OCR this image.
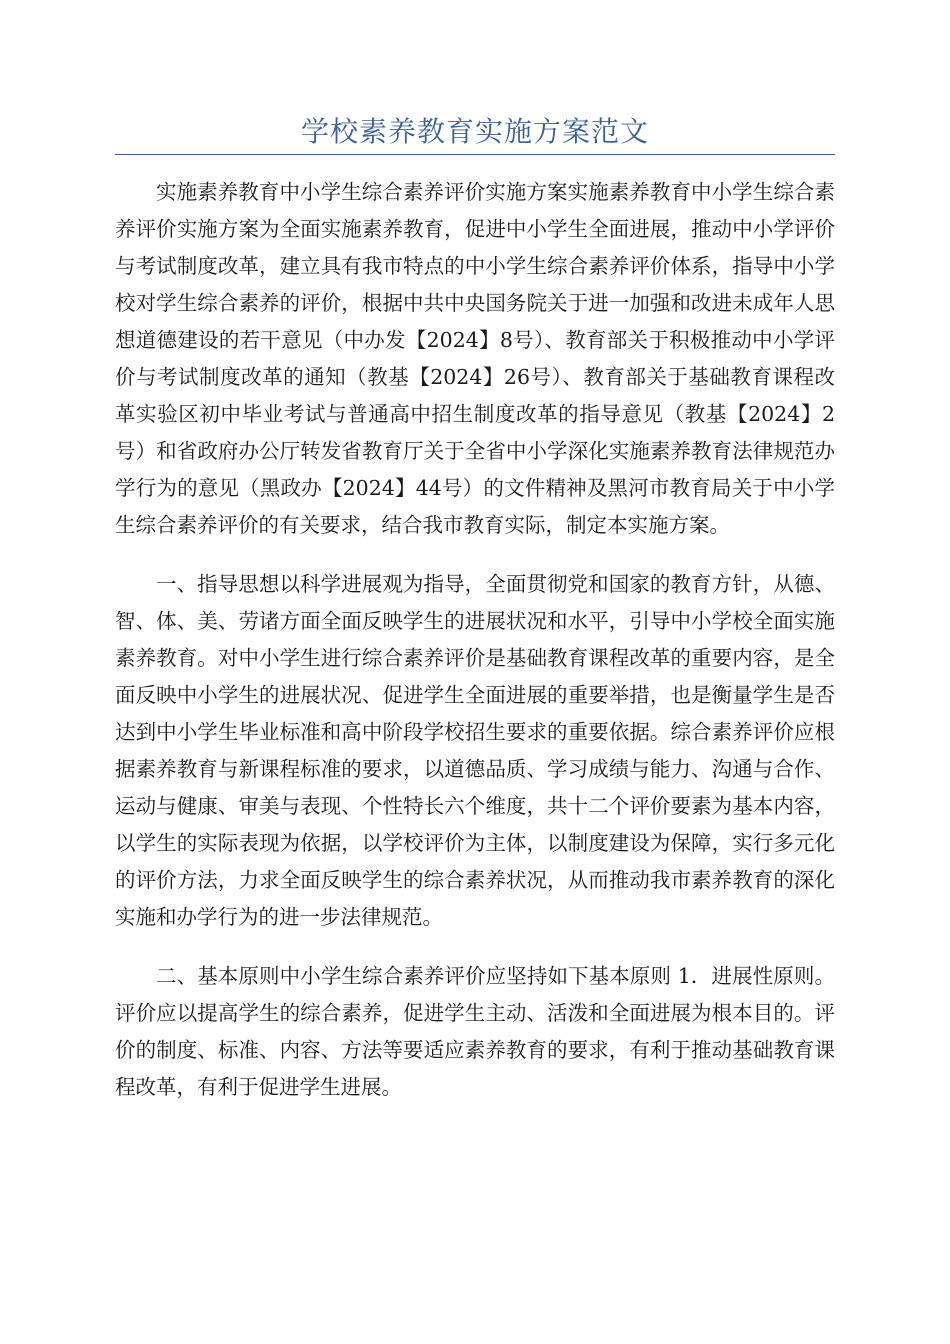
学校素养教育实施方案范文

实施素养教育中小学生综合素养评价实施方案实施素养教育中小学生综合素养评价实施方案为全面实施素养教育，促进中小学生全面进展，推动中小学评价与考试制度改革，建立具有我市特点的中小学生综合素养评价体系，指导中小学校对学生综合素养的评价，根据中共中央国务院关于进一加强和改进未成年人思想道德建设的若干意见（中办发【2024】8号）、教育部关于积极推动中小学评价与考试制度改革的通知（教基【2024】26号）、教育部关于基础教育课程改革实验区初中毕业考试与普通高中招生制度改革的指导意见（教基【2024】2号）和省政府办公厅转发省教育厅关于全省中小学深化实施素养教育法律规范办学行为的意见（黑政办【2024】44号）的文件精神及黑河市教育局关于中小学生综合素养评价的有关要求，结合我市教育实际，制定本实施方案。

一、指导思想以科学进展观为指导，全面贯彻党和国家的教育方针，从德、智、体、美、劳诸方面全面反映学生的进展状况和水平，引导中小学校全面实施素养教育。对中小学生进行综合素养评价是基础教育课程改革的重要内容，是全面反映中小学生的进展状况、促进学生全面进展的重要举措，也是衡量学生是否达到中小学生毕业标准和高中阶段学校招生要求的重要依据。综合素养评价应根据素养教育与新课程标准的要求，以道德品质、学习成绩与能力、沟通与合作、运动与健康、审美与表现、个性特长六个维度，共十二个评价要素为基本内容，以学生的实际表现为依据，以学校评价为主体，以制度建设为保障，实行多元化的评价方法，力求全面反映学生的综合素养状况，从而推动我市素养教育的深化实施和办学行为的进一步法律规范。

二、基本原则中小学生综合素养评价应坚持如下基本原则 1．进展性原则。评价应以提高学生的综合素养，促进学生主动、活泼和全面进展为根本目的。评价的制度、标准、内容、方法等要适应素养教育的要求，有利于推动基础教育课程改革，有利于促进学生进展。
